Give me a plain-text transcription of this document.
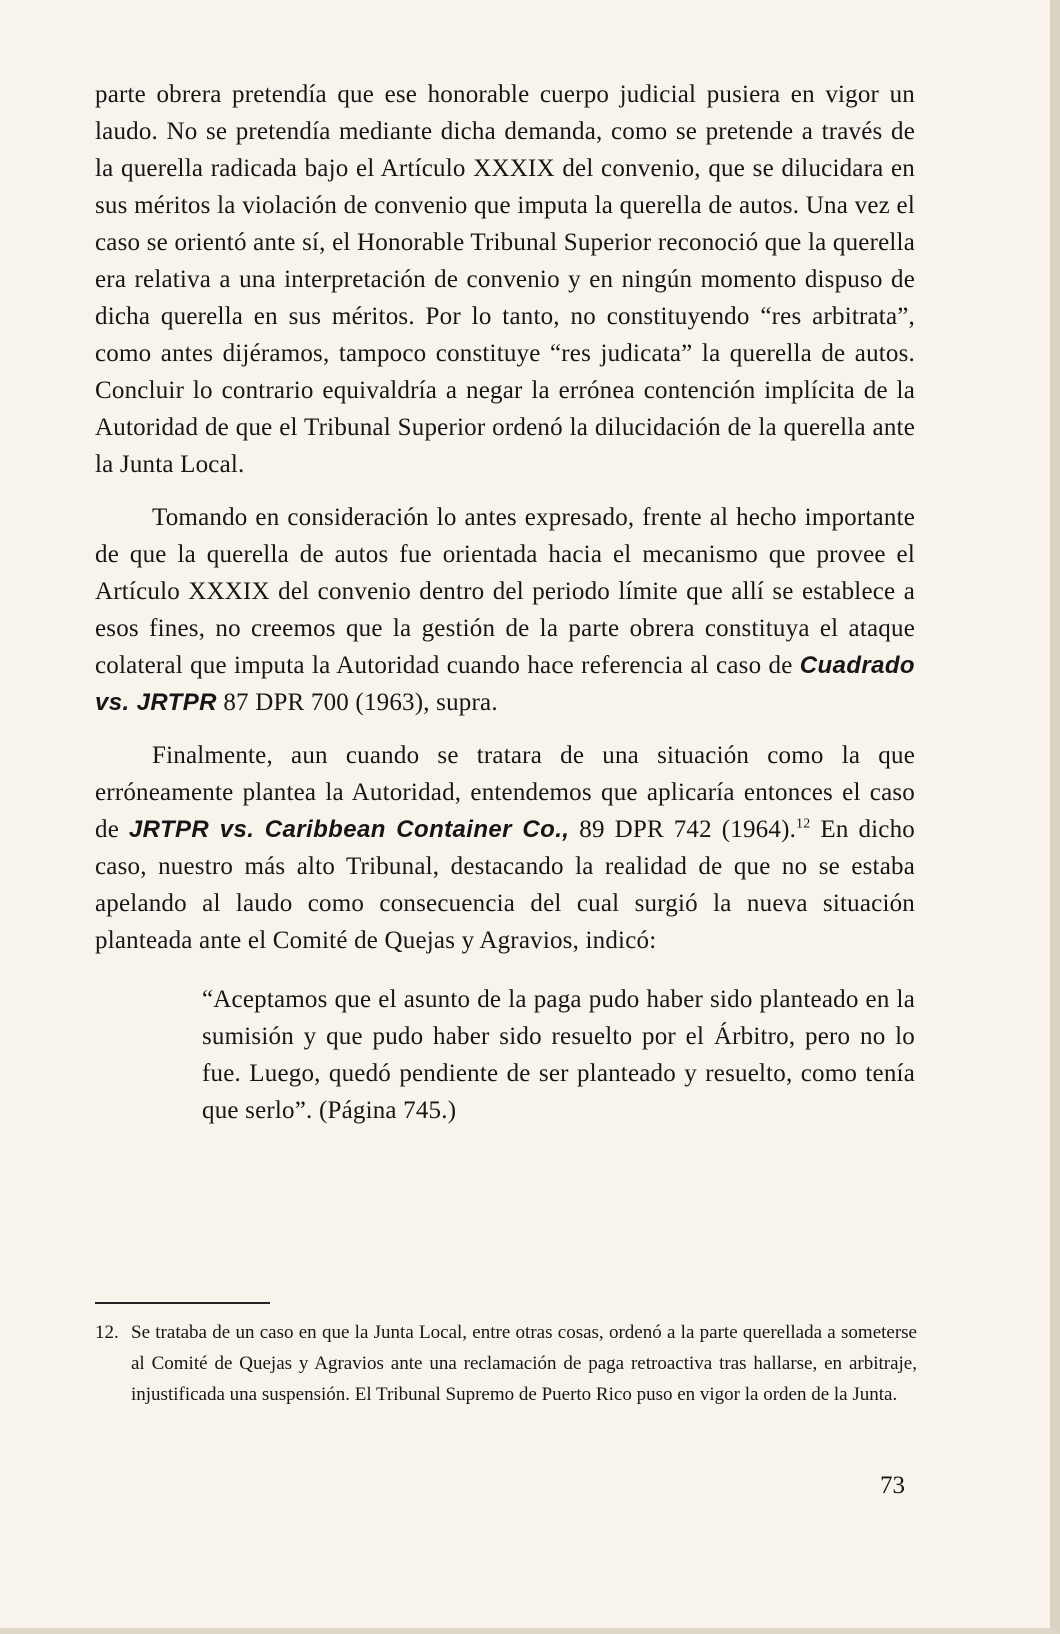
parte obrera pretendía que ese honorable cuerpo judicial pusiera en vigor un laudo. No se pretendía mediante dicha demanda, como se pretende a través de la querella radicada bajo el Artículo XXXIX del convenio, que se dilucidara en sus méritos la violación de convenio que imputa la querella de autos. Una vez el caso se orientó ante sí, el Honorable Tribunal Superior reconoció que la querella era relativa a una interpretación de convenio y en ningún momento dispuso de dicha querella en sus méritos. Por lo tanto, no constituyendo “res arbitrata”, como antes dijéramos, tampoco constituye “res judicata” la querella de autos. Concluir lo contrario equivaldría a negar la errónea contención implícita de la Autoridad de que el Tribunal Superior ordenó la dilucidación de la querella ante la Junta Local.

Tomando en consideración lo antes expresado, frente al hecho importante de que la querella de autos fue orientada hacia el mecanismo que provee el Artículo XXXIX del convenio dentro del periodo límite que allí se establece a esos fines, no creemos que la gestión de la parte obrera constituya el ataque colateral que imputa la Autoridad cuando hace referencia al caso de Cuadrado vs. JRTPR 87 DPR 700 (1963), supra.

Finalmente, aun cuando se tratara de una situación como la que erróneamente plantea la Autoridad, entendemos que aplicaría entonces el caso de JRTPR vs. Caribbean Container Co., 89 DPR 742 (1964).$^{12}$ En dicho caso, nuestro más alto Tribunal, destacando la realidad de que no se estaba apelando al laudo como consecuencia del cual surgió la nueva situación planteada ante el Comité de Quejas y Agravios, indicó:

“Aceptamos que el asunto de la paga pudo haber sido planteado en la sumisión y que pudo haber sido resuelto por el Árbitro, pero no lo fue. Luego, quedó pendiente de ser planteado y resuelto, como tenía que serlo”. (Página 745.)

12. Se trataba de un caso en que la Junta Local, entre otras cosas, ordenó a la parte querellada a someterse al Comité de Quejas y Agravios ante una reclamación de paga retroactiva tras hallarse, en arbitraje, injustificada una suspensión. El Tribunal Supremo de Puerto Rico puso en vigor la orden de la Junta.
73
